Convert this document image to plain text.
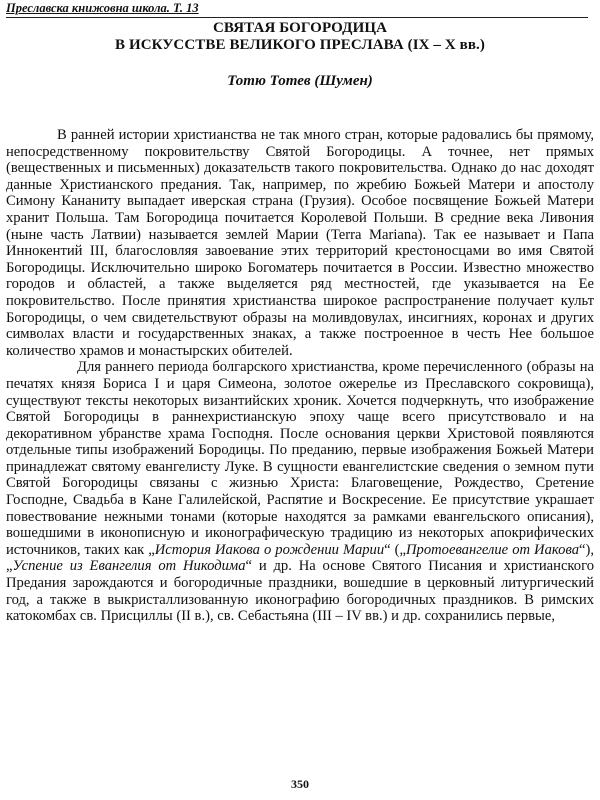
Преславска книжовна школа. Т. 13
СВЯТАЯ БОГОРОДИЦА
В ИСКУССТВЕ ВЕЛИКОГО ПРЕСЛАВА (IX – X вв.)
Тотю Тотев (Шумен)

В ранней истории христианства не так много стран, которые радовались бы прямому, непосредственному покровительству Святой Богородицы. А точнее, нет прямых (вещественных и письменных) доказательств такого покровительства. Однако до нас доходят данные Христианского предания. Так, например, по жребию Божьей Матери и апостолу Симону Кананиту выпадает иверская страна (Грузия). Особое посвящение Божьей Матери хранит Польша. Там Богородица почитается Королевой Польши. В средние века Ливония (ныне часть Латвии) называется землей Марии (Terra Mariana). Так ее называет и Папа Иннокентий III, благословляя завоевание этих территорий крестоносцами во имя Святой Богородицы. Исключительно широко Богоматерь почитается в России. Известно множество городов и областей, а также выделяется ряд местностей, где указывается на Ее покровительство. После принятия христианства широкое распространение получает культ Богородицы, о чем свидетельствуют образы на моливдовулах, инсигниях, коронах и других символах власти и государственных знаках, а также построенное в честь Нее большое количество храмов и монастырских обителей.

Для раннего периода болгарского христианства, кроме перечисленного (образы на печатях князя Бориса I и царя Симеона, золотое ожерелье из Преславского сокровища), существуют тексты некоторых византийских хроник. Хочется подчеркнуть, что изображение Святой Богородицы в раннехристианскую эпоху чаще всего присутствовало и на декоративном убранстве храма Господня. После основания церкви Христовой появляются отдельные типы изображений Бородицы. По преданию, первые изображения Божьей Матери принадлежат святому евангелисту Луке. В сущности евангелистские сведения о земном пути Святой Богородицы связаны с жизнью Христа: Благовещение, Рождество, Сретение Господне, Свадьба в Кане Галилейской, Распятие и Воскресение. Ее присутствие украшает повествование нежными тонами (которые находятся за рамками евангельского описания), вошедшими в иконописную и иконографическую традицию из некоторых апокрифических источников, таких как „История Иакова о рождении Марии“ („Протоевангелие от Иакова“), „Успение из Евангелия от Никодима“ и др. На основе Святого Писания и христианского Предания зарождаются и богородичные праздники, вошедшие в церковный литургический год, а также в выкристаллизованную иконографию богородичных праздников. В римских катокомбах св. Присциллы (II в.), св. Себастьяна (III – IV вв.) и др. сохранились первые,

350
